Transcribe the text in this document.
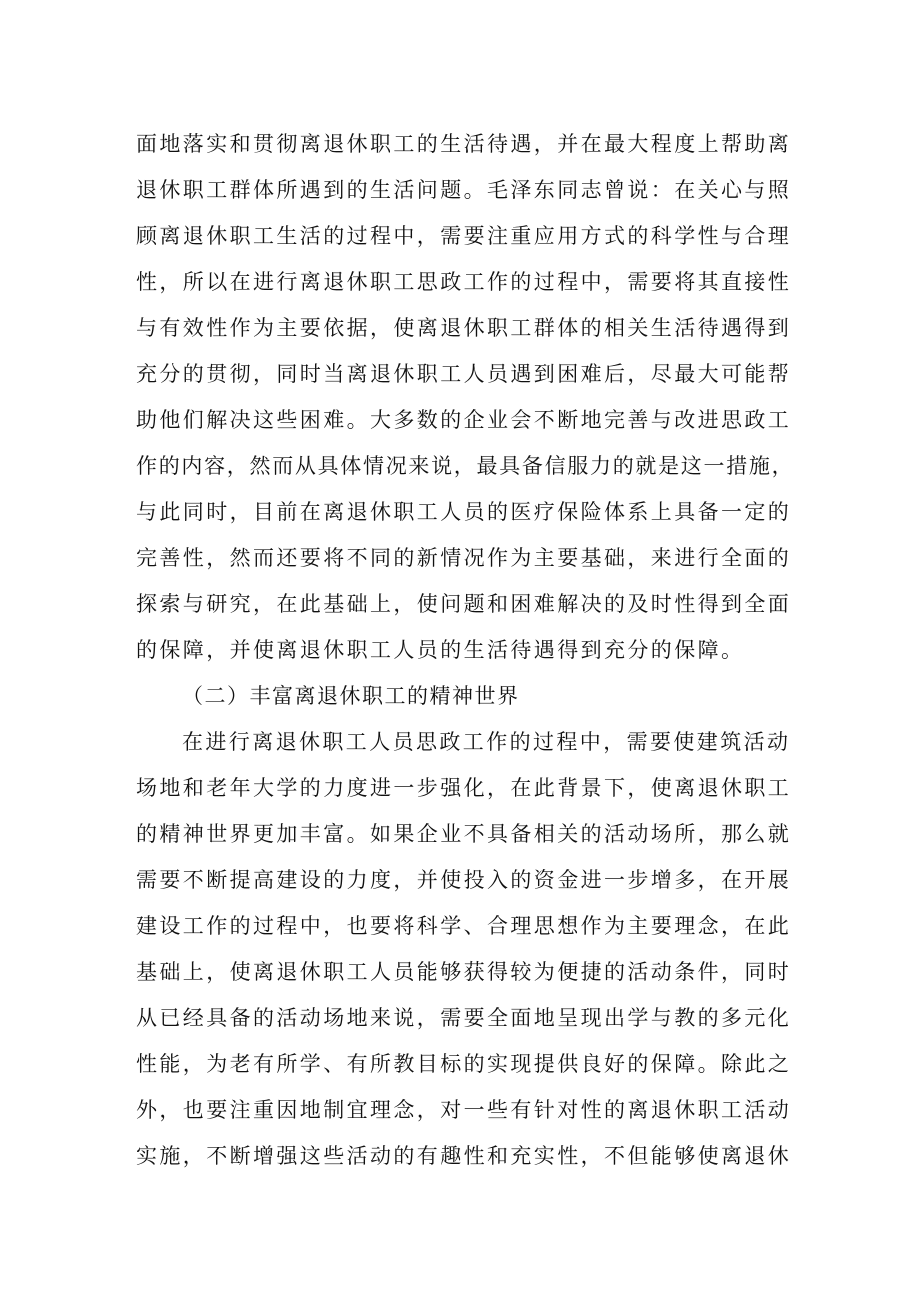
面地落实和贯彻离退休职工的生活待遇，并在最大程度上帮助离
退休职工群体所遇到的生活问题。毛泽东同志曾说：在关心与照
顾离退休职工生活的过程中，需要注重应用方式的科学性与合理
性，所以在进行离退休职工思政工作的过程中，需要将其直接性
与有效性作为主要依据，使离退休职工群体的相关生活待遇得到
充分的贯彻，同时当离退休职工人员遇到困难后，尽最大可能帮
助他们解决这些困难。大多数的企业会不断地完善与改进思政工
作的内容，然而从具体情况来说，最具备信服力的就是这一措施，
与此同时，目前在离退休职工人员的医疗保险体系上具备一定的
完善性，然而还要将不同的新情况作为主要基础，来进行全面的
探索与研究，在此基础上，使问题和困难解决的及时性得到全面
的保障，并使离退休职工人员的生活待遇得到充分的保障。
（二）丰富离退休职工的精神世界
在进行离退休职工人员思政工作的过程中，需要使建筑活动
场地和老年大学的力度进一步强化，在此背景下，使离退休职工
的精神世界更加丰富。如果企业不具备相关的活动场所，那么就
需要不断提高建设的力度，并使投入的资金进一步增多，在开展
建设工作的过程中，也要将科学、合理思想作为主要理念，在此
基础上，使离退休职工人员能够获得较为便捷的活动条件，同时
从已经具备的活动场地来说，需要全面地呈现出学与教的多元化
性能，为老有所学、有所教目标的实现提供良好的保障。除此之
外，也要注重因地制宜理念，对一些有针对性的离退休职工活动
实施，不断增强这些活动的有趣性和充实性，不但能够使离退休
